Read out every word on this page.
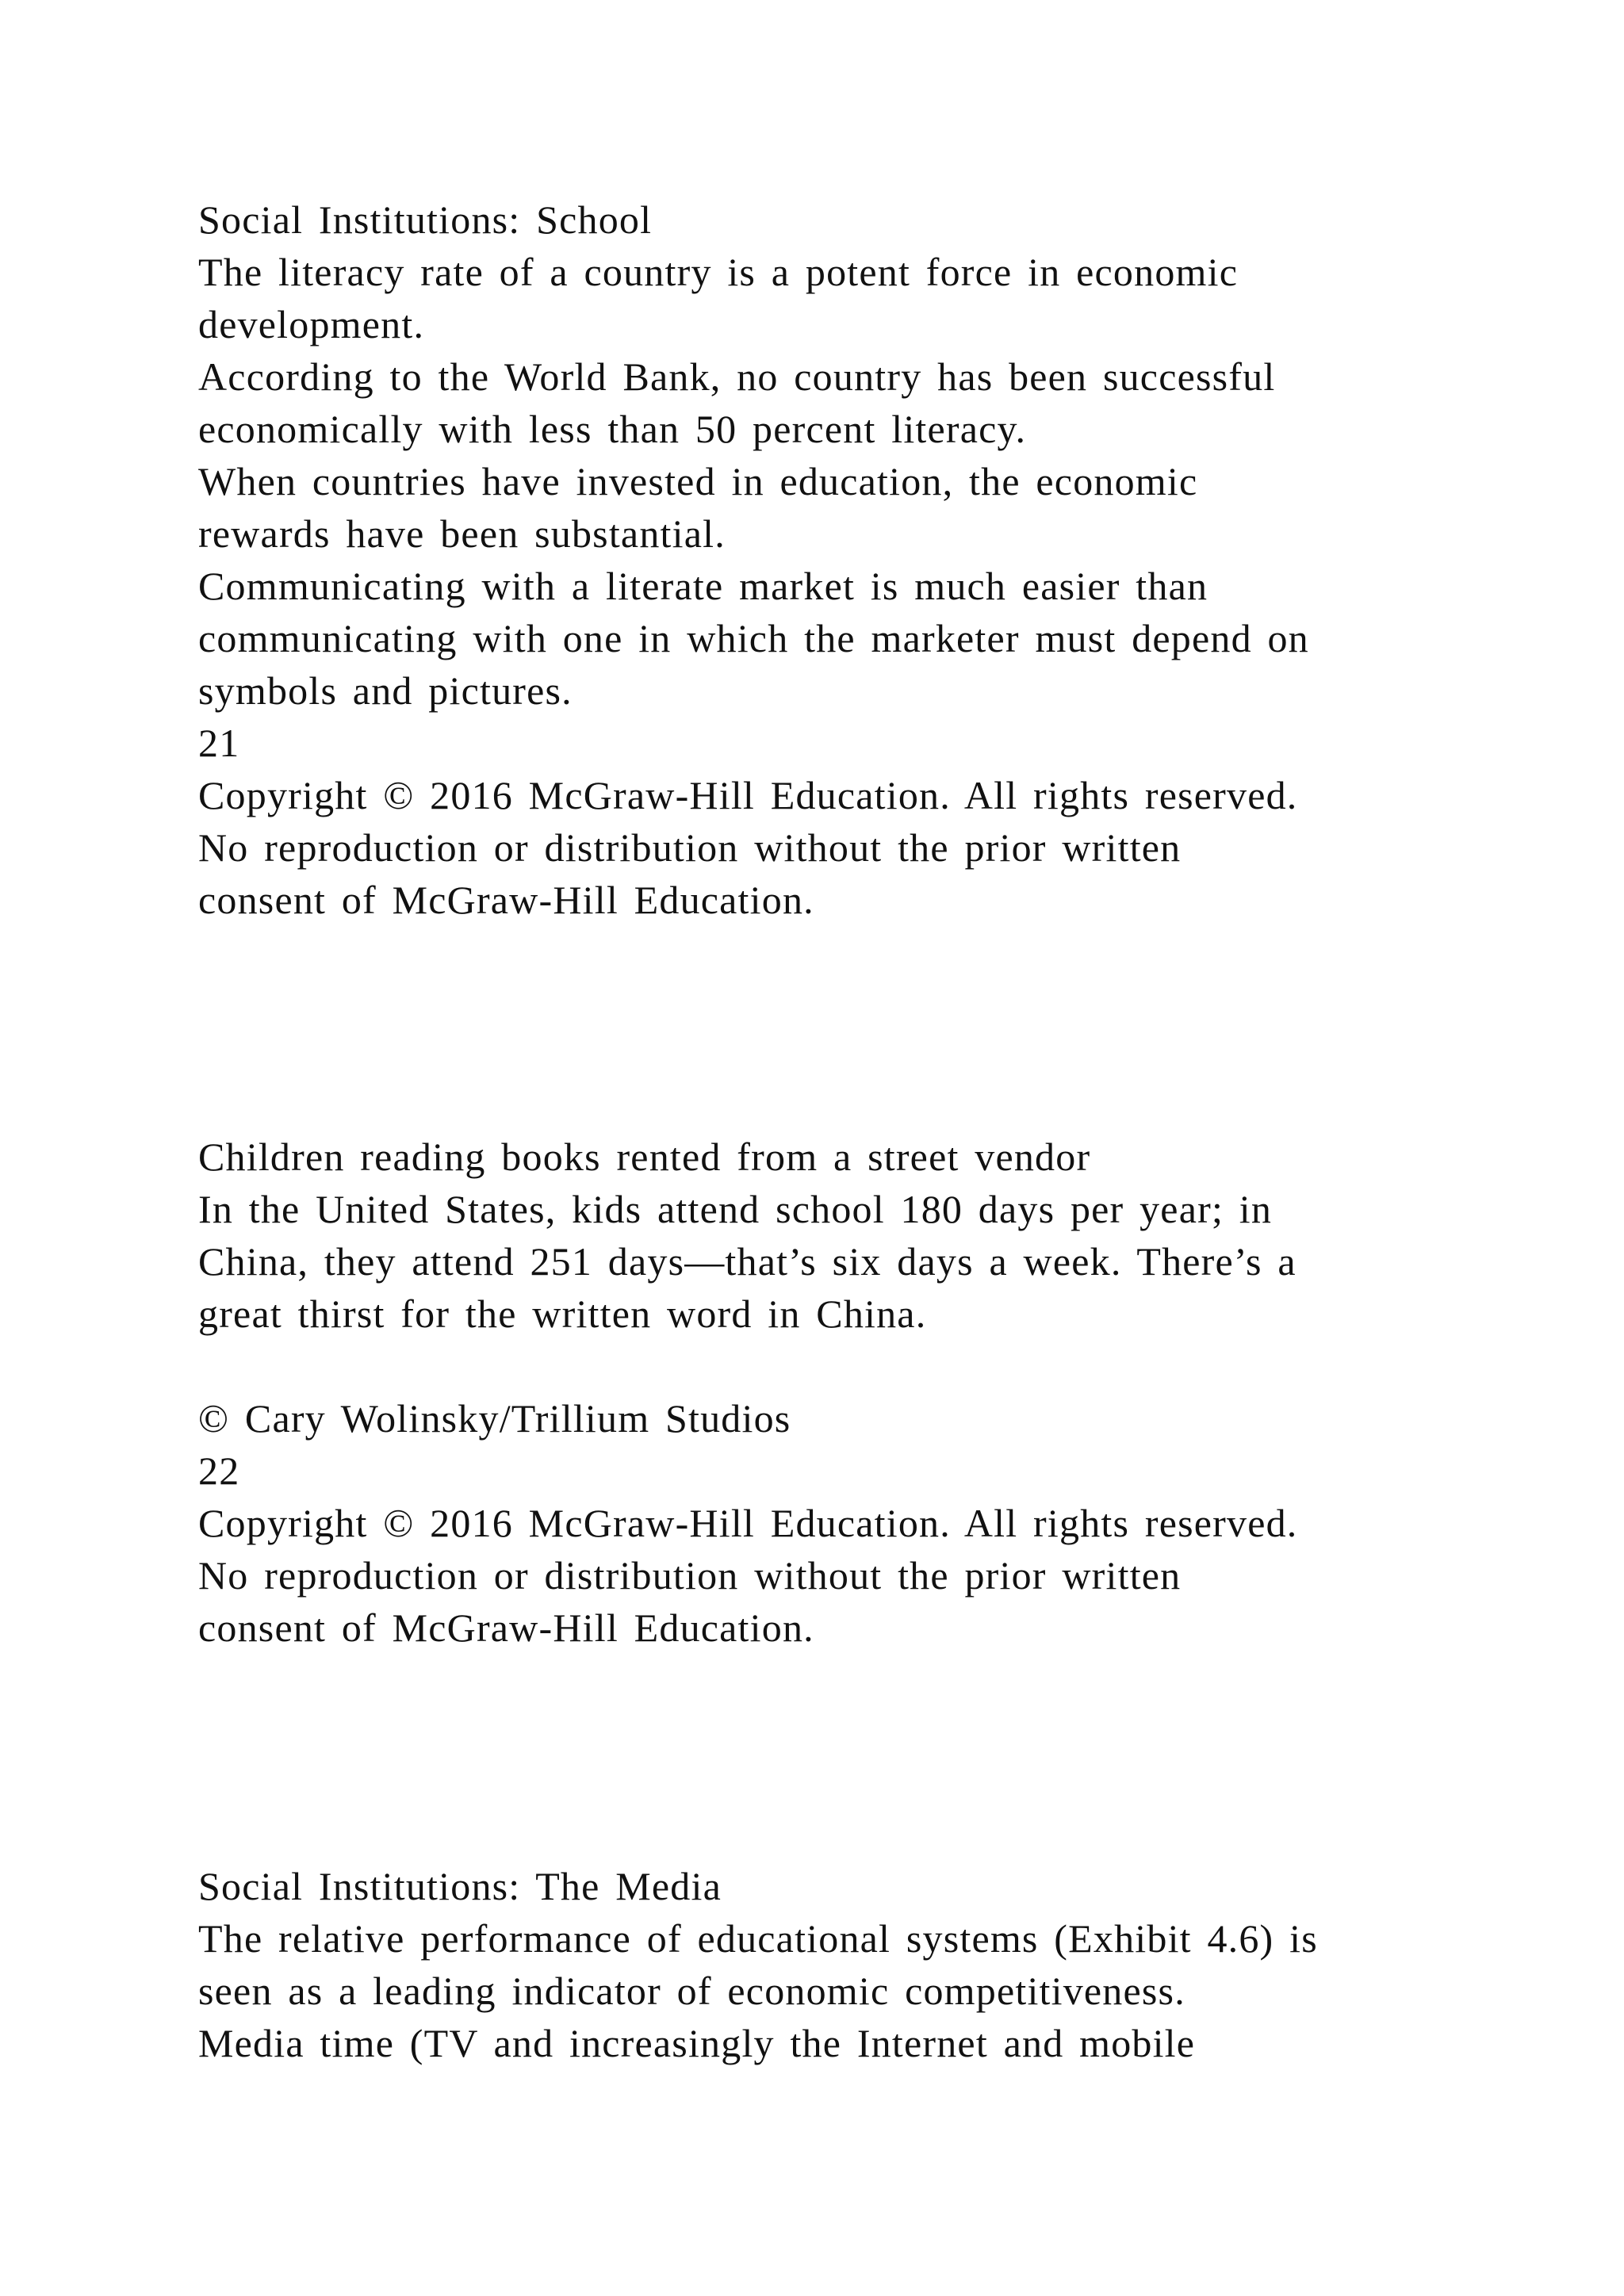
Social Institutions: School
The literacy rate of a country is a potent force in economic
development.
According to the World Bank, no country has been successful
economically with less than 50 percent literacy.
When countries have invested in education, the economic
rewards have been substantial.
Communicating with a literate market is much easier than
communicating with one in which the marketer must depend on
symbols and pictures.
21
Copyright © 2016 McGraw-Hill Education. All rights reserved.
No reproduction or distribution without the prior written
consent of McGraw-Hill Education.
Children reading books rented from a street vendor
In the United States, kids attend school 180 days per year; in
China, they attend 251 days—that’s six days a week. There’s a
great thirst for the written word in China.

© Cary Wolinsky/Trillium Studios
22
Copyright © 2016 McGraw-Hill Education. All rights reserved.
No reproduction or distribution without the prior written
consent of McGraw-Hill Education.
Social Institutions: The Media
The relative performance of educational systems (Exhibit 4.6) is
seen as a leading indicator of economic competitiveness.
Media time (TV and increasingly the Internet and mobile
